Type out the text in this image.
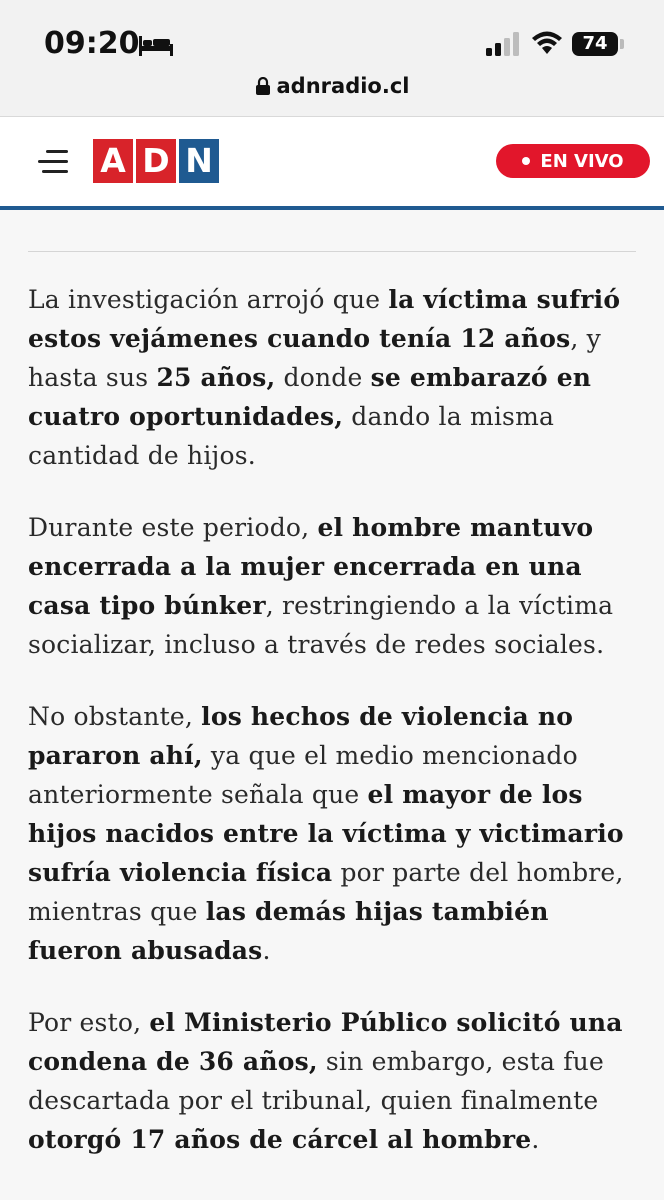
09:20	74
adnradio.cl
A D N	EN VIVO

La investigación arrojó que la víctima sufrió estos vejámenes cuando tenía 12 años, y hasta sus 25 años, donde se embarazó en cuatro oportunidades, dando la misma cantidad de hijos.

Durante este periodo, el hombre mantuvo encerrada a la mujer encerrada en una casa tipo búnker, restringiendo a la víctima socializar, incluso a través de redes sociales.

No obstante, los hechos de violencia no pararon ahí, ya que el medio mencionado anteriormente señala que el mayor de los hijos nacidos entre la víctima y victimario sufría violencia física por parte del hombre, mientras que las demás hijas también fueron abusadas.

Por esto, el Ministerio Público solicitó una condena de 36 años, sin embargo, esta fue descartada por el tribunal, quien finalmente otorgó 17 años de cárcel al hombre.
